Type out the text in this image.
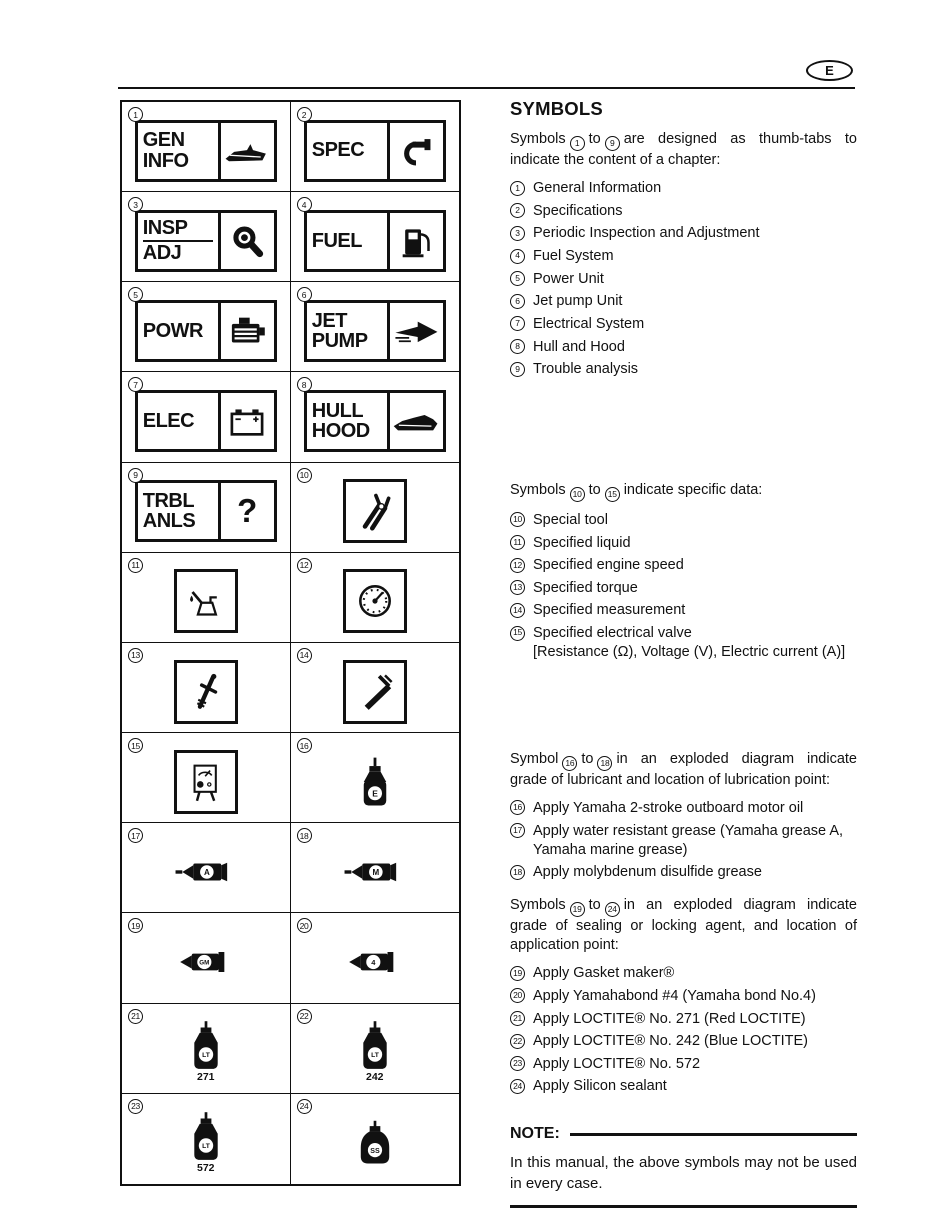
E
1
GEN
INFO
2
SPEC
3
INSP
ADJ
4
FUEL
5
POWR
6
JET
PUMP
7
ELEC
8
HULL
HOOD
9
TRBL
ANLS	?
10
11	12
13	14
15	16
E
17
A
18
M
19
GM
20
4
21
LT
271
22
LT
242
23
LT
572
24
SS
SYMBOLS

Symbols 1 to 9 are designed as thumb-tabs to indicate the content of a chapter:

1 General Information
2 Specifications
3 Periodic Inspection and Adjustment
4 Fuel System
5 Power Unit
6 Jet pump Unit
7 Electrical System
8 Hull and Hood
9 Trouble analysis

Symbols 10 to 15 indicate specific data:

10 Special tool
11 Specified liquid
12 Specified engine speed
13 Specified torque
14 Specified measurement
15 Specified electrical valve
[Resistance (Ω), Voltage (V), Electric current (A)]

Symbol 16 to 18 in an exploded diagram indicate grade of lubricant and location of lubrication point:

16 Apply Yamaha 2-stroke outboard motor oil
17 Apply water resistant grease (Yamaha grease A, Yamaha marine grease)
18 Apply molybdenum disulfide grease

Symbols 19 to 24 in an exploded diagram indicate grade of sealing or locking agent, and location of application point:

19 Apply Gasket maker®
20 Apply Yamahabond #4 (Yamaha bond No.4)
21 Apply LOCTITE® No. 271 (Red LOCTITE)
22 Apply LOCTITE® No. 242 (Blue LOCTITE)
23 Apply LOCTITE® No. 572
24 Apply Silicon sealant
NOTE:
In this manual, the above symbols may not be used in every case.
